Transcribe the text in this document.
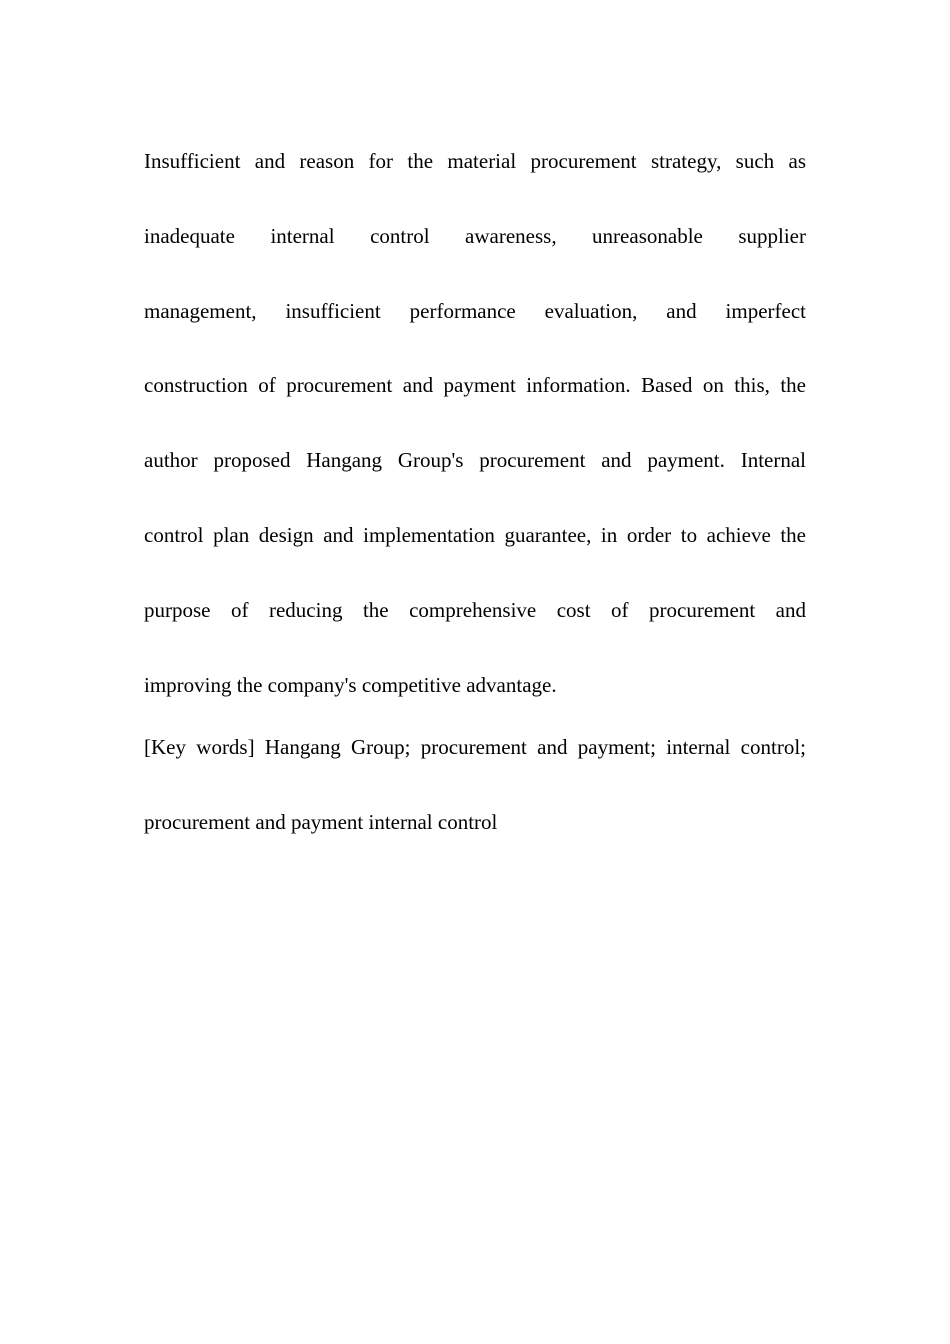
Insufficient and reason for the material procurement strategy, such as
inadequate internal control awareness, unreasonable supplier
management, insufficient performance evaluation, and imperfect
construction of procurement and payment information. Based on this, the
author proposed Hangang Group's procurement and payment. Internal
control plan design and implementation guarantee, in order to achieve the
purpose of reducing the comprehensive cost of procurement and
improving the company's competitive advantage.
[Key words] Hangang Group; procurement and payment; internal control;
procurement and payment internal control
